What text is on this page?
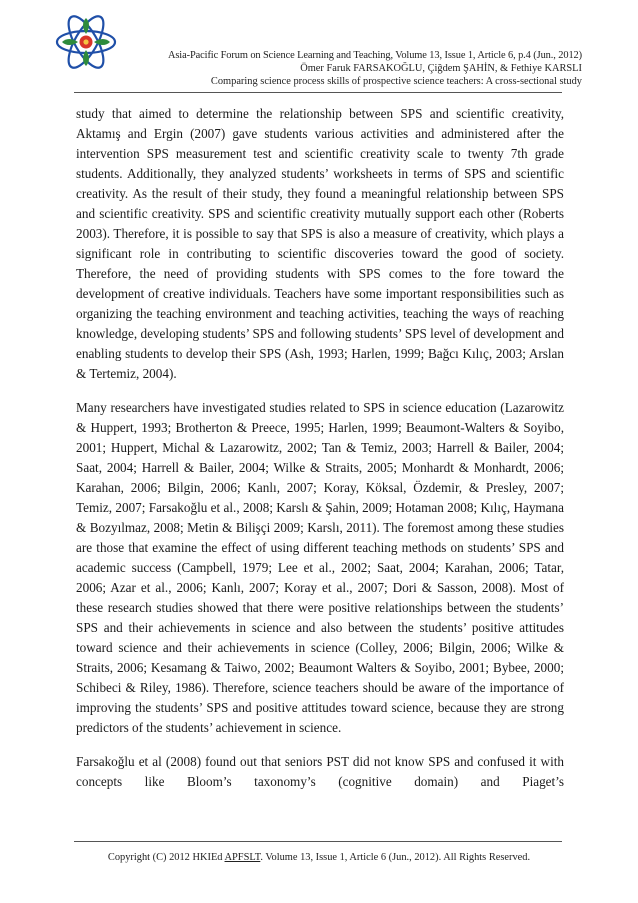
Asia-Pacific Forum on Science Learning and Teaching, Volume 13, Issue 1, Article 6, p.4 (Jun., 2012)
Ömer Faruk FARSAKOĞLU, Çiğdem ŞAHİN, & Fethiye KARSLI
Comparing science process skills of prospective science teachers: A cross-sectional study

study that aimed to determine the relationship between SPS and scientific creativity, Aktamış and Ergin (2007) gave students various activities and administered after the intervention SPS measurement test and scientific creativity scale to twenty 7th grade students. Additionally, they analyzed students’ worksheets in terms of SPS and scientific creativity. As the result of their study, they found a meaningful relationship between SPS and scientific creativity. SPS and scientific creativity mutually support each other (Roberts 2003). Therefore, it is possible to say that SPS is also a measure of creativity, which plays a significant role in contributing to scientific discoveries toward the good of society. Therefore, the need of providing students with SPS comes to the fore toward the development of creative individuals. Teachers have some important responsibilities such as organizing the teaching environment and teaching activities, teaching the ways of reaching knowledge, developing students’ SPS and following students’ SPS level of development and enabling students to develop their SPS (Ash, 1993; Harlen, 1999; Bağcı Kılıç, 2003; Arslan & Tertemiz, 2004).

Many researchers have investigated studies related to SPS in science education (Lazarowitz & Huppert, 1993; Brotherton & Preece, 1995; Harlen, 1999; Beaumont-Walters & Soyibo, 2001; Huppert, Michal & Lazarowitz, 2002; Tan & Temiz, 2003; Harrell & Bailer, 2004; Saat, 2004; Harrell & Bailer, 2004; Wilke & Straits, 2005; Monhardt & Monhardt, 2006; Karahan, 2006; Bilgin, 2006; Kanlı, 2007; Koray, Köksal, Özdemir, & Presley, 2007; Temiz, 2007; Farsakoğlu et al., 2008; Karslı & Şahin, 2009; Hotaman 2008; Kılıç, Haymana & Bozyılmaz, 2008; Metin & Bilişçi 2009; Karslı, 2011). The foremost among these studies are those that examine the effect of using different teaching methods on students’ SPS and academic success (Campbell, 1979; Lee et al., 2002; Saat, 2004; Karahan, 2006; Tatar, 2006; Azar et al., 2006; Kanlı, 2007; Koray et al., 2007; Dori & Sasson, 2008). Most of these research studies showed that there were positive relationships between the students’ SPS and their achievements in science and also between the students’ positive attitudes toward science and their achievements in science (Colley, 2006; Bilgin, 2006; Wilke & Straits, 2006; Kesamang & Taiwo, 2002; Beaumont Walters & Soyibo, 2001; Bybee, 2000; Schibeci & Riley, 1986). Therefore, science teachers should be aware of the importance of improving the students’ SPS and positive attitudes toward science, because they are strong predictors of the students’ achievement in science.

Farsakoğlu et al (2008) found out that seniors PST did not know SPS and confused it with concepts like Bloom’s taxonomy’s (cognitive domain) and Piaget’s

Copyright (C) 2012 HKIEd APFSLT. Volume 13, Issue 1, Article 6 (Jun., 2012). All Rights Reserved.
